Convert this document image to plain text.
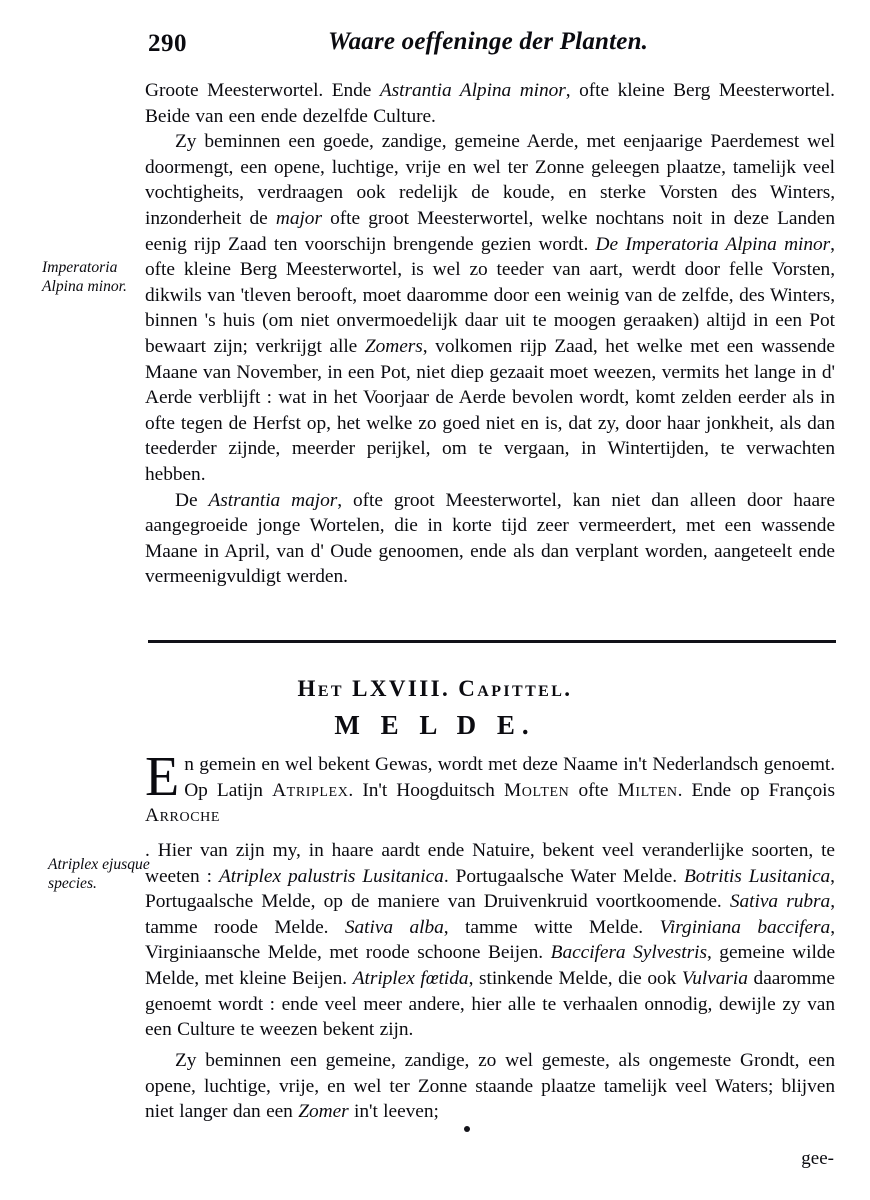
290	Waare oeffeninge der Planten.
Imperatoria Alpina minor.
Atriplex ejusque species.

Groote Meesterwortel. Ende Astrantia Alpina minor, ofte kleine Berg Meesterwortel. Beide van een ende dezelfde Culture.

Zy beminnen een goede, zandige, gemeine Aerde, met eenjaarige Paerdemest wel doormengt, een opene, luchtige, vrije en wel ter Zonne geleegen plaatze, tamelijk veel vochtigheits, verdraagen ook redelijk de koude, en sterke Vorsten des Winters, inzonderheit de major ofte groot Meesterwortel, welke nochtans noit in deze Landen eenig rijp Zaad ten voorschijn brengende gezien wordt. De Imperatoria Alpina minor, ofte kleine Berg Meesterwortel, is wel zo teeder van aart, werdt door felle Vorsten, dikwils van 'tleven berooft, moet daaromme door een weinig van de zelfde, des Winters, binnen 's huis (om niet onvermoedelijk daar uit te moogen geraaken) altijd in een Pot bewaart zijn; verkrijgt alle Zomers, volkomen rijp Zaad, het welke met een wassende Maane van November, in een Pot, niet diep gezaait moet weezen, vermits het lange in d' Aerde verblijft : wat in het Voorjaar de Aerde bevolen wordt, komt zelden eerder als in ofte tegen de Herfst op, het welke zo goed niet en is, dat zy, door haar jonkheit, als dan teederder zijnde, meerder perijkel, om te vergaan, in Wintertijden, te verwachten hebben.

De Astrantia major, ofte groot Meesterwortel, kan niet dan alleen door haare aangegroeide jonge Wortelen, die in korte tijd zeer vermeerdert, met een wassende Maane in April, van d' Oude genoomen, ende als dan verplant worden, aangeteelt ende vermeenigvuldigt werden.

Het LXVIII. Capittel.
M E L D E.
E n gemein en wel bekent Gewas, wordt met deze Naame in't Nederlandsch genoemt. Op Latijn Atriplex. In't Hoogduitsch Molten ofte Milten. Ende op François Arroche

. Hier van zijn my, in haare aardt ende Natuire, bekent veel veranderlijke soorten, te weeten : Atriplex palustris Lusitanica. Portugaalsche Water Melde. Botritis Lusitanica, Portugaalsche Melde, op de maniere van Druivenkruid voortkoomende. Sativa rubra, tamme roode Melde. Sativa alba, tamme witte Melde. Virginiana baccifera, Virginiaansche Melde, met roode schoone Beijen. Baccifera Sylvestris, gemeine wilde Melde, met kleine Beijen. Atriplex fœtida, stinkende Melde, die ook Vulvaria daaromme genoemt wordt : ende veel meer andere, hier alle te verhaalen onnodig, dewijle zy van een Culture te weezen bekent zijn.

Zy beminnen een gemeine, zandige, zo wel gemeste, als ongemeste Grondt, een opene, luchtige, vrije, en wel ter Zonne staande plaatze tamelijk veel Waters; blijven niet langer dan een Zomer in't leeven;

gee-
